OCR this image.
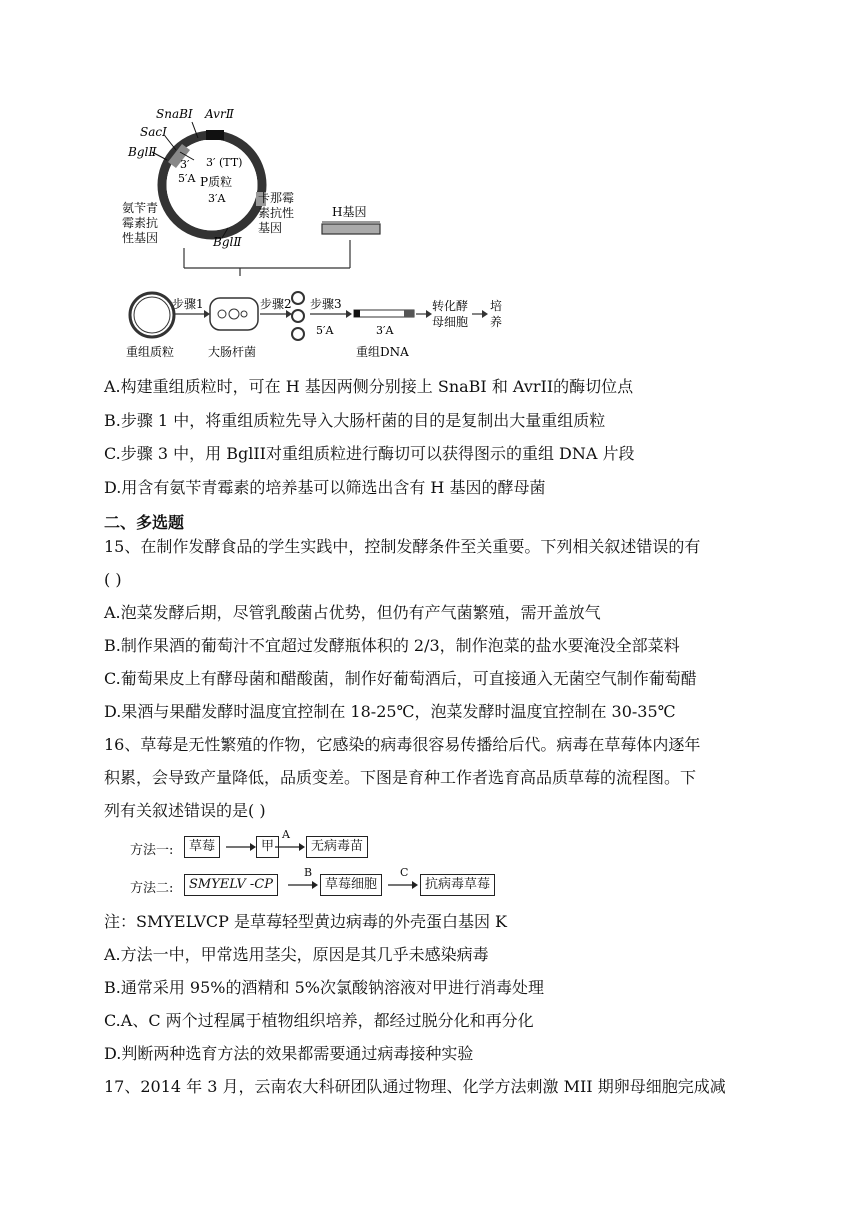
SnaBⅠ AvrⅡ
SacⅠ
BglⅡ
3′ 3′ (TT)
5′A P质粒
3′A
BglⅡ
氨苄青
霉素抗
性基因
卡那霉
素抗性
基因
H基因
步骤1	步骤2 步骤3
5′A	3′A
转化酵
母细胞
培
养
重组质粒	大肠杆菌	重组DNA
A.构建重组质粒时，可在 H 基因两侧分别接上 SnaBI 和 AvrII的酶切位点
B.步骤 1 中，将重组质粒先导入大肠杆菌的目的是复制出大量重组质粒
C.步骤 3 中，用 BglII对重组质粒进行酶切可以获得图示的重组 DNA 片段
D.用含有氨苄青霉素的培养基可以筛选出含有 H 基因的酵母菌
二、多选题
15、在制作发酵食品的学生实践中，控制发酵条件至关重要。下列相关叙述错误的有
( )
A.泡菜发酵后期，尽管乳酸菌占优势，但仍有产气菌繁殖，需开盖放气
B.制作果酒的葡萄汁不宜超过发酵瓶体积的 2/3，制作泡菜的盐水要淹没全部菜料
C.葡萄果皮上有酵母菌和醋酸菌，制作好葡萄酒后，可直接通入无菌空气制作葡萄醋
D.果酒与果醋发酵时温度宜控制在 18-25℃，泡菜发酵时温度宜控制在 30-35℃
16、草莓是无性繁殖的作物，它感染的病毒很容易传播给后代。病毒在草莓体内逐年
积累，会导致产量降低，品质变差。下图是育种工作者选育高品质草莓的流程图。下
列有关叙述错误的是( )
方法一:	草莓	甲
A
无病毒苗
方法二:	SMYELV -CP
B
草莓细胞
C
抗病毒草莓
注：SMYELVCP 是草莓轻型黄边病毒的外壳蛋白基因 K
A.方法一中，甲常选用茎尖，原因是其几乎未感染病毒
B.通常采用 95%的酒精和 5%次氯酸钠溶液对甲进行消毒处理
C.A、C 两个过程属于植物组织培养，都经过脱分化和再分化
D.判断两种选育方法的效果都需要通过病毒接种实验
17、2014 年 3 月，云南农大科研团队通过物理、化学方法刺激 MII 期卵母细胞完成减
